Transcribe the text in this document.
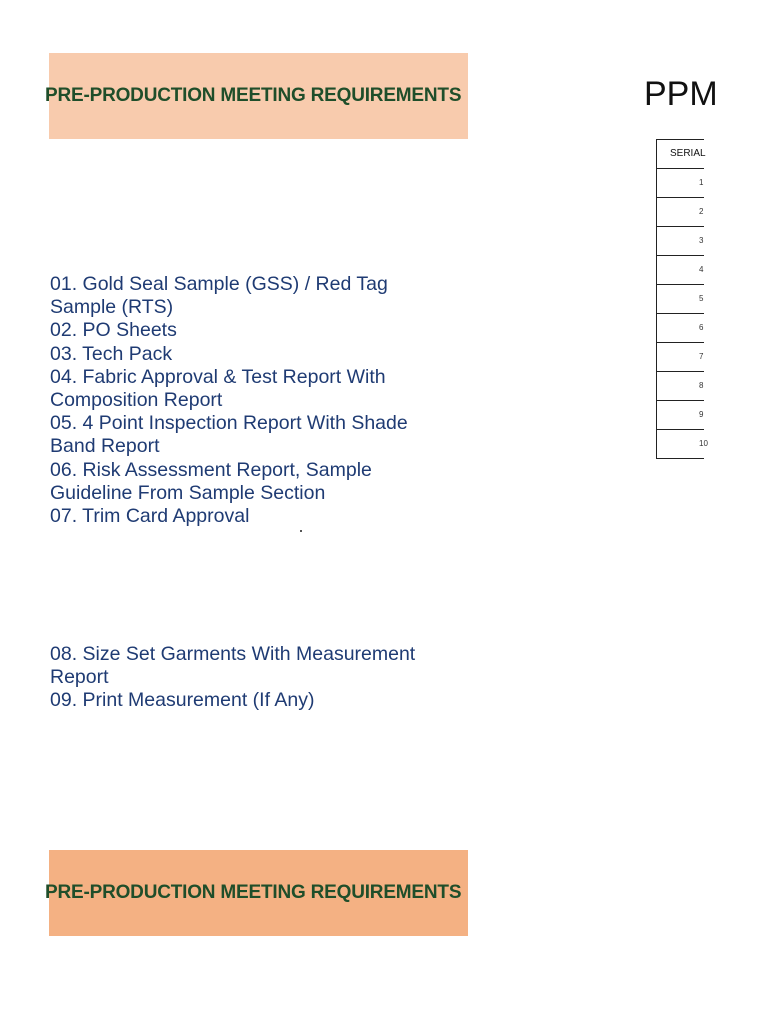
PRE-PRODUCTION MEETING REQUIREMENTS
01. Gold Seal Sample (GSS) / Red Tag
Sample (RTS)
02. PO Sheets
03. Tech Pack
04. Fabric Approval & Test Report With
Composition Report
05. 4 Point Inspection Report With Shade
Band Report
06. Risk Assessment Report, Sample
Guideline From Sample Section
07. Trim Card Approval
08. Size Set Garments With Measurement
Report
09. Print Measurement (If Any)
PRE-PRODUCTION MEETING REQUIREMENTS
PPM
SERIAL
1
2
3
4
5
6
7
8
9
10
